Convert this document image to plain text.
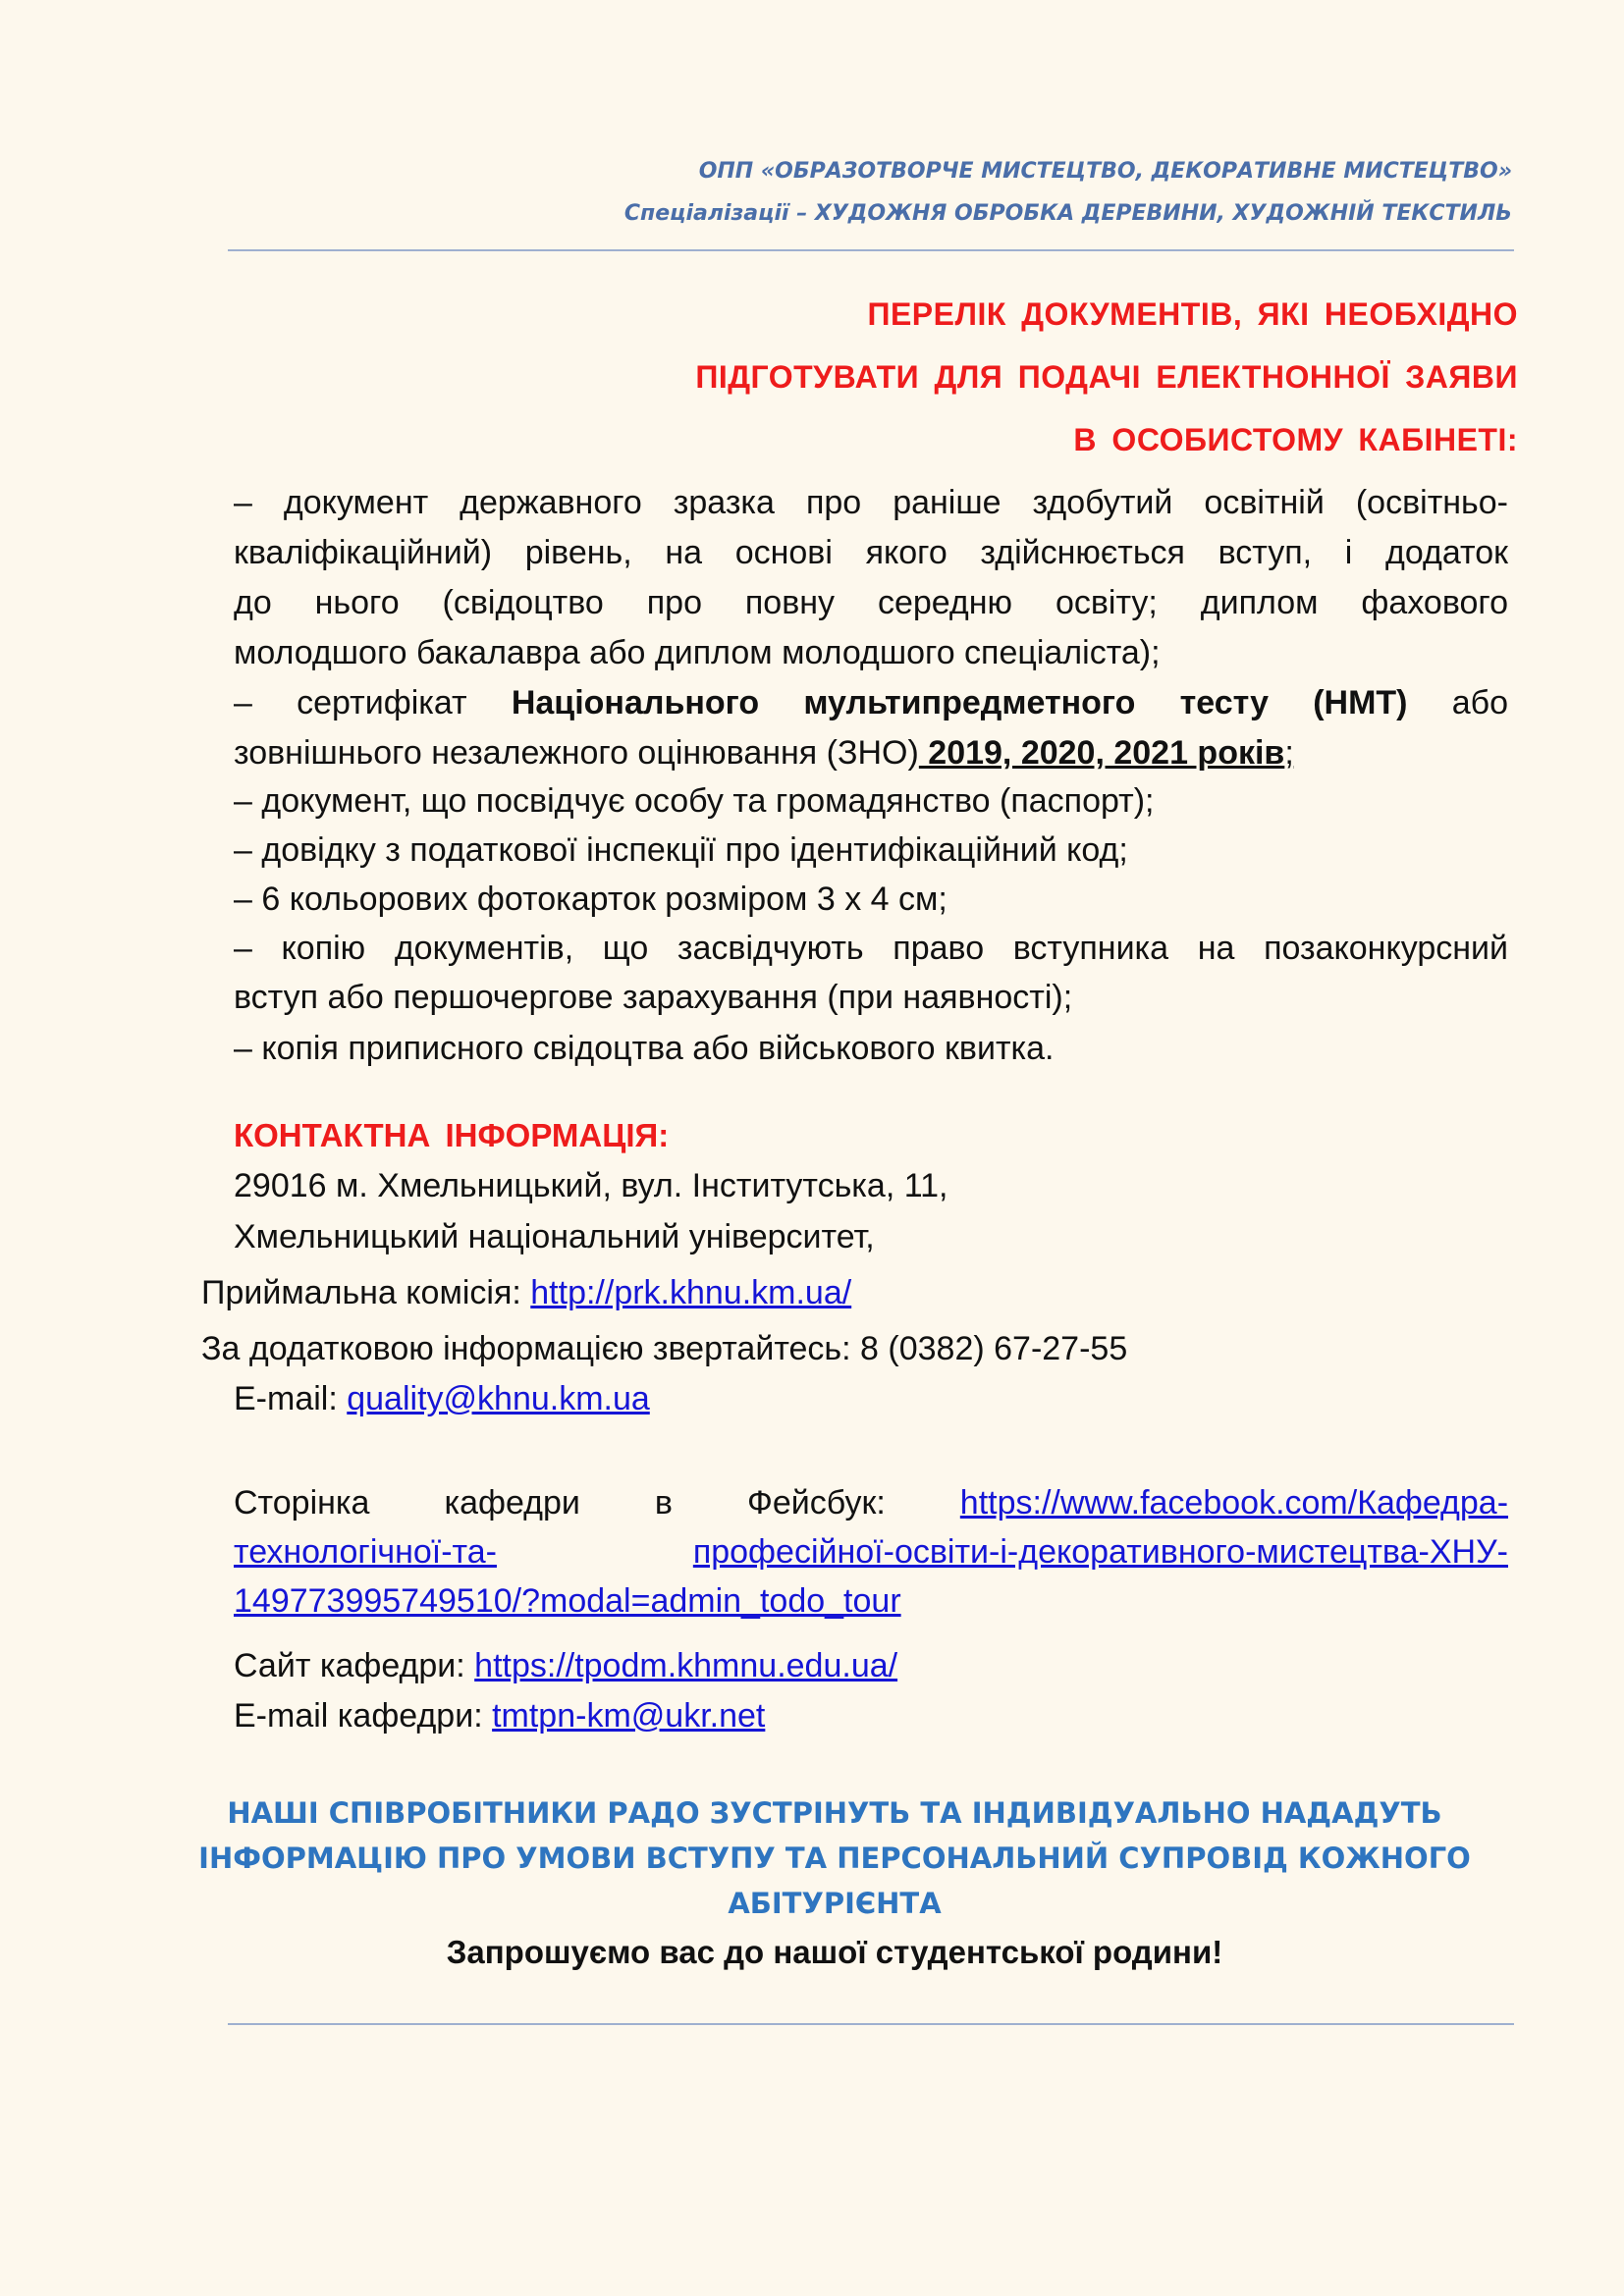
ОПП «ОБРАЗОТВОРЧЕ МИСТЕЦТВО, ДЕКОРАТИВНЕ МИСТЕЦТВО»
Спеціалізації – ХУДОЖНЯ ОБРОБКА ДЕРЕВИНИ, ХУДОЖНІЙ ТЕКСТИЛЬ
ПЕРЕЛІК ДОКУМЕНТІВ, ЯКІ НЕОБХІДНО
ПІДГОТУВАТИ ДЛЯ ПОДАЧІ ЕЛЕКТНОННОЇ ЗАЯВИ
В ОСОБИСТОМУ КАБІНЕТІ:
– документ державного зразка про раніше здобутий освітній (освітньо-
кваліфікаційний) рівень, на основі якого здійснюється вступ, і додаток
до нього (свідоцтво про повну середню освіту; диплом фахового
молодшого бакалавра або диплом молодшого спеціаліста);
– сертифікат Національного мультипредметного тесту (НМТ) або
зовнішнього незалежного оцінювання (ЗНО) 2019, 2020, 2021 років;
– документ, що посвідчує особу та громадянство (паспорт);
– довідку з податкової інспекції про ідентифікаційний код;
– 6 кольорових фотокарток розміром 3 х 4 см;
– копію документів, що засвідчують право вступника на позаконкурсний
вступ або першочергове зарахування (при наявності);
– копія приписного свідоцтва або військового квитка.
КОНТАКТНА ІНФОРМАЦІЯ:
29016 м. Хмельницький, вул. Інститутська, 11,
Хмельницький національний університет,
Приймальна комісія: http://prk.khnu.km.ua/
За додатковою інформацією звертайтесь: 8 (0382) 67-27-55
E-mail: quality@khnu.km.ua
Сторінка кафедри в Фейсбук: https://www.facebook.com/Кафедра-
технологічної-та-	професійної-освіти-і-декоративного-мистецтва-ХНУ-
149773995749510/?modal=admin_todo_tour
Сайт кафедри: https://tpodm.khmnu.edu.ua/
E-mail кафедри: tmtpn-km@ukr.net
НАШІ СПІВРОБІТНИКИ РАДО ЗУСТРІНУТЬ ТА ІНДИВІДУАЛЬНО НАДАДУТЬ
ІНФОРМАЦІЮ ПРО УМОВИ ВСТУПУ ТА ПЕРСОНАЛЬНИЙ СУПРОВІД КОЖНОГО
АБІТУРІЄНТА
Запрошуємо вас до нашої студентської родини!
